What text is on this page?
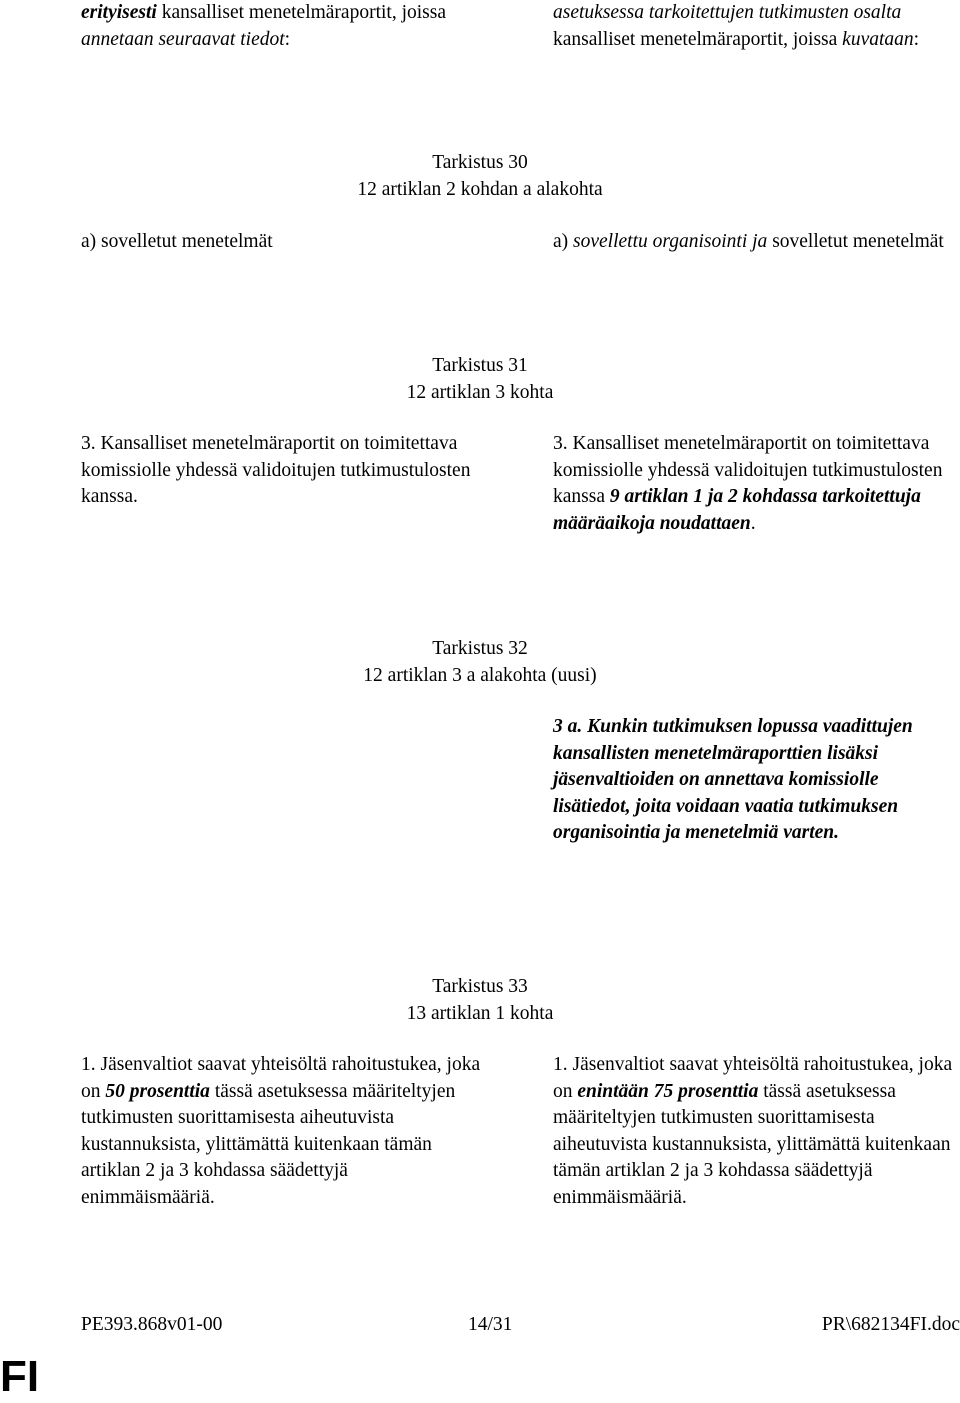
erityisesti kansalliset menetelmäraportit, joissa annetaan seuraavat tiedot:

asetuksessa tarkoitettujen tutkimusten osalta kansalliset menetelmäraportit, joissa kuvataan:

Tarkistus 30
12 artiklan 2 kohdan a alakohta

a) sovelletut menetelmät	a) sovellettu organisointi ja sovelletut menetelmät

Tarkistus 31
12 artiklan 3 kohta

3. Kansalliset menetelmäraportit on toimitettava komissiolle yhdessä validoitujen tutkimustulosten kanssa.

3. Kansalliset menetelmäraportit on toimitettava komissiolle yhdessä validoitujen tutkimustulosten kanssa 9 artiklan 1 ja 2 kohdassa tarkoitettuja määräaikoja noudattaen.

Tarkistus 32
12 artiklan 3 a alakohta (uusi)

3 a. Kunkin tutkimuksen lopussa vaadittujen kansallisten menetelmäraporttien lisäksi jäsenvaltioiden on annettava komissiolle lisätiedot, joita voidaan vaatia tutkimuksen organisointia ja menetelmiä varten.

Tarkistus 33
13 artiklan 1 kohta

1. Jäsenvaltiot saavat yhteisöltä rahoitustukea, joka on 50 prosenttia tässä asetuksessa määriteltyjen tutkimusten suorittamisesta aiheutuvista kustannuksista, ylittämättä kuitenkaan tämän artiklan 2 ja 3 kohdassa säädettyjä enimmäismääriä.

1. Jäsenvaltiot saavat yhteisöltä rahoitustukea, joka on enintään 75 prosenttia tässä asetuksessa määriteltyjen tutkimusten suorittamisesta aiheutuvista kustannuksista, ylittämättä kuitenkaan tämän artiklan 2 ja 3 kohdassa säädettyjä enimmäismääriä.

PE393.868v01-00	14/31	PR\682134FI.doc
FI
